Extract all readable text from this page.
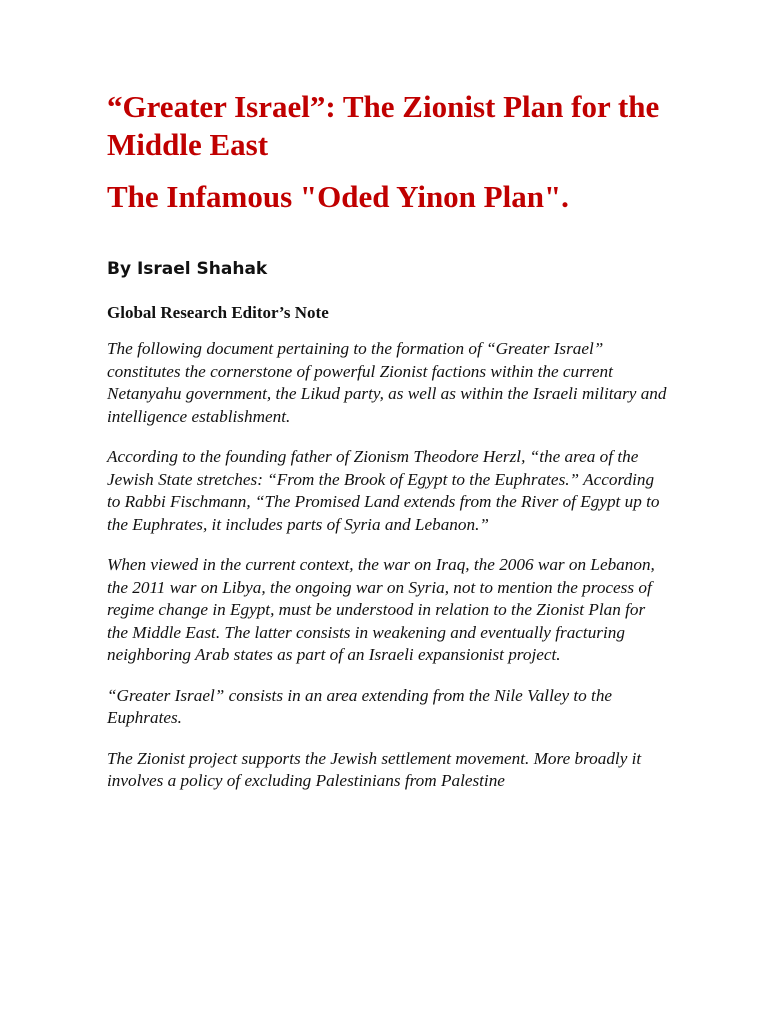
“Greater Israel”: The Zionist Plan for the Middle East
The Infamous "Oded Yinon Plan".
By Israel Shahak
Global Research Editor’s Note

The following document pertaining to the formation of “Greater Israel” constitutes the cornerstone of powerful Zionist factions within the current Netanyahu government, the Likud party, as well as within the Israeli military and intelligence establishment.

According to the founding father of Zionism Theodore Herzl, “the area of the Jewish State stretches: “From the Brook of Egypt to the Euphrates.” According to Rabbi Fischmann, “The Promised Land extends from the River of Egypt up to the Euphrates, it includes parts of Syria and Lebanon.”

When viewed in the current context, the war on Iraq, the 2006 war on Lebanon, the 2011 war on Libya, the ongoing war on Syria, not to mention the process of regime change in Egypt, must be understood in relation to the Zionist Plan for the Middle East. The latter consists in weakening and eventually fracturing neighboring Arab states as part of an Israeli expansionist project.

“Greater Israel” consists in an area extending from the Nile Valley to the Euphrates.

The Zionist project supports the Jewish settlement movement. More broadly it involves a policy of excluding Palestinians from Palestine
